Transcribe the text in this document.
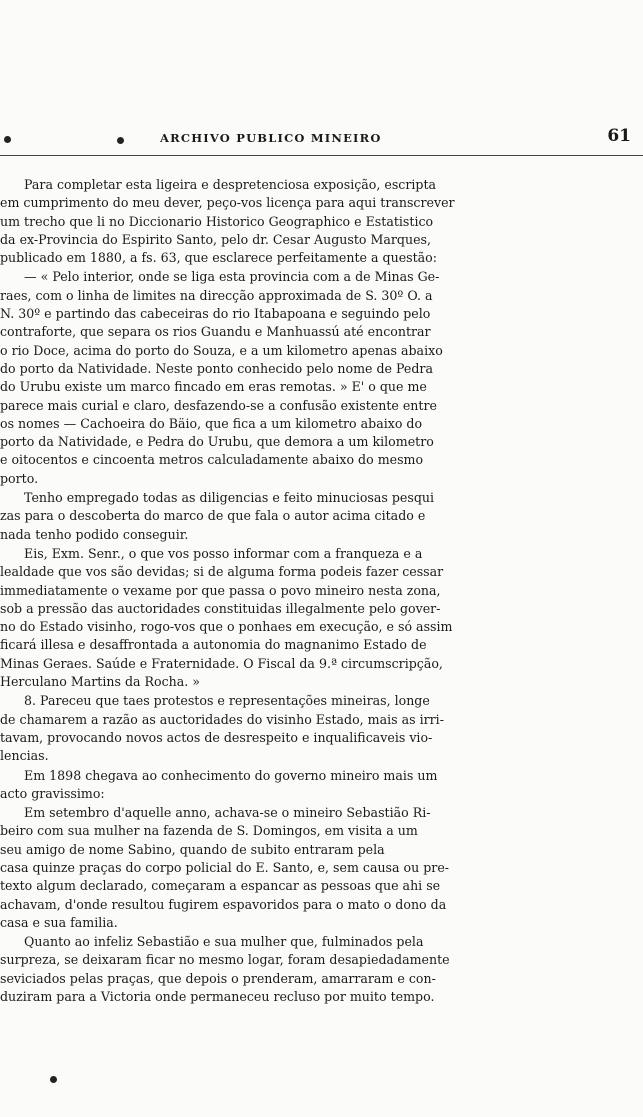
ARCHIVO PUBLICO MINEIRO	61
Para completar esta ligeira e despretenciosa exposição, escripta
em cumprimento do meu dever, peço-vos licença para aqui transcrever
um trecho que li no Diccionario Historico Geographico e Estatistico
da ex-Provincia do Espirito Santo, pelo dr. Cesar Augusto Marques,
publicado em 1880, a fs. 63, que esclarece perfeitamente a questão:
— « Pelo interior, onde se liga esta provincia com a de Minas Ge-
raes, com o linha de limites na direcção approximada de S. 30º O. a
N. 30º e partindo das cabeceiras do rio Itabapoana e seguindo pelo
contraforte, que separa os rios Guandu e Manhuassú até encontrar
o rio Doce, acima do porto do Souza, e a um kilometro apenas abaixo
do porto da Natividade. Neste ponto conhecido pelo nome de Pedra
do Urubu existe um marco fincado em eras remotas. » E' o que me
parece mais curial e claro, desfazendo-se a confusão existente entre
os nomes — Cachoeira do Bäio, que fica a um kilometro abaixo do
porto da Natividade, e Pedra do Urubu, que demora a um kilometro
e oitocentos e cincoenta metros calculadamente abaixo do mesmo
porto.
Tenho empregado todas as diligencias e feito minuciosas pesqui
zas para o descoberta do marco de que fala o autor acima citado e
nada tenho podido conseguir.
Eis, Exm. Senr., o que vos posso informar com a franqueza e a
lealdade que vos são devidas; si de alguma forma podeis fazer cessar
immediatamente o vexame por que passa o povo mineiro nesta zona,
sob a pressão das auctoridades constituidas illegalmente pelo gover-
no do Estado visinho, rogo-vos que o ponhaes em execução, e só assim
ficará illesa e desaffrontada a autonomia do magnanimo Estado de
Minas Geraes. Saúde e Fraternidade. O Fiscal da 9.ª circumscripção,
Herculano Martins da Rocha. »
8. Pareceu que taes protestos e representações mineiras, longe
de chamarem a razão as auctoridades do visinho Estado, mais as irri-
tavam, provocando novos actos de desrespeito e inqualificaveis vio-
lencias.
Em 1898 chegava ao conhecimento do governo mineiro mais um
acto gravissimo:
Em setembro d'aquelle anno, achava-se o mineiro Sebastião Ri-
beiro com sua mulher na fazenda de S. Domingos, em visita a um
seu amigo de nome Sabino, quando de subito entraram pela
casa quinze praças do corpo policial do E. Santo, e, sem causa ou pre-
texto algum declarado, começaram a espancar as pessoas que ahi se
achavam, d'onde resultou fugirem espavoridos para o mato o dono da
casa e sua familia.
Quanto ao infeliz Sebastião e sua mulher que, fulminados pela
surpreza, se deixaram ficar no mesmo logar, foram desapiedadamente
seviciados pelas praças, que depois o prenderam, amarraram e con-
duziram para a Victoria onde permaneceu recluso por muito tempo.
